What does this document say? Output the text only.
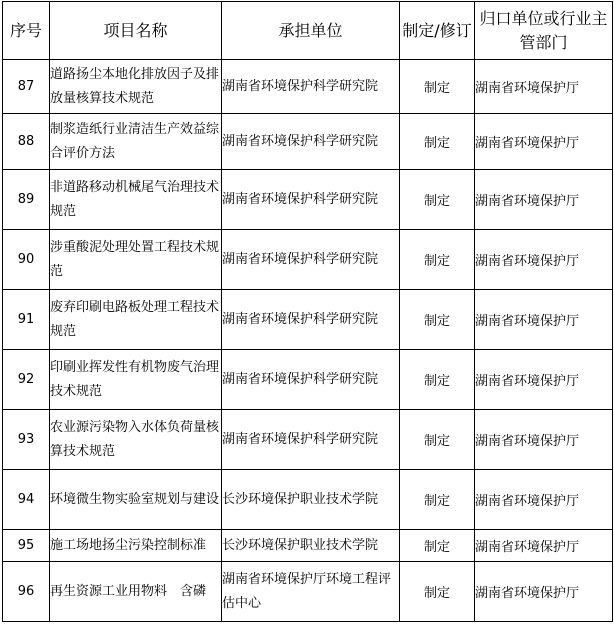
序号	项目名称	承担单位	制定/修订	归口单位或行业主管部门
87	道路扬尘本地化排放因子及排放量核算技术规范	湖南省环境保护科学研究院	制定	湖南省环境保护厅
88	制浆造纸行业清洁生产效益综合评价方法	湖南省环境保护科学研究院	制定	湖南省环境保护厅
89	非道路移动机械尾气治理技术规范	湖南省环境保护科学研究院	制定	湖南省环境保护厅
90	涉重酸泥处理处置工程技术规范	湖南省环境保护科学研究院	制定	湖南省环境保护厅
91	废弃印刷电路板处理工程技术规范	湖南省环境保护科学研究院	制定	湖南省环境保护厅
92	印刷业挥发性有机物废气治理技术规范	湖南省环境保护科学研究院	制定	湖南省环境保护厅
93	农业源污染物入水体负荷量核算技术规范	湖南省环境保护科学研究院	制定	湖南省环境保护厅
94	环境微生物实验室规划与建设	长沙环境保护职业技术学院	制定	湖南省环境保护厅
95	施工场地扬尘污染控制标准	长沙环境保护职业技术学院	制定	湖南省环境保护厅
96	再生资源工业用物料　含磷	湖南省环境保护厅环境工程评估中心	制定	湖南省环境保护厅
